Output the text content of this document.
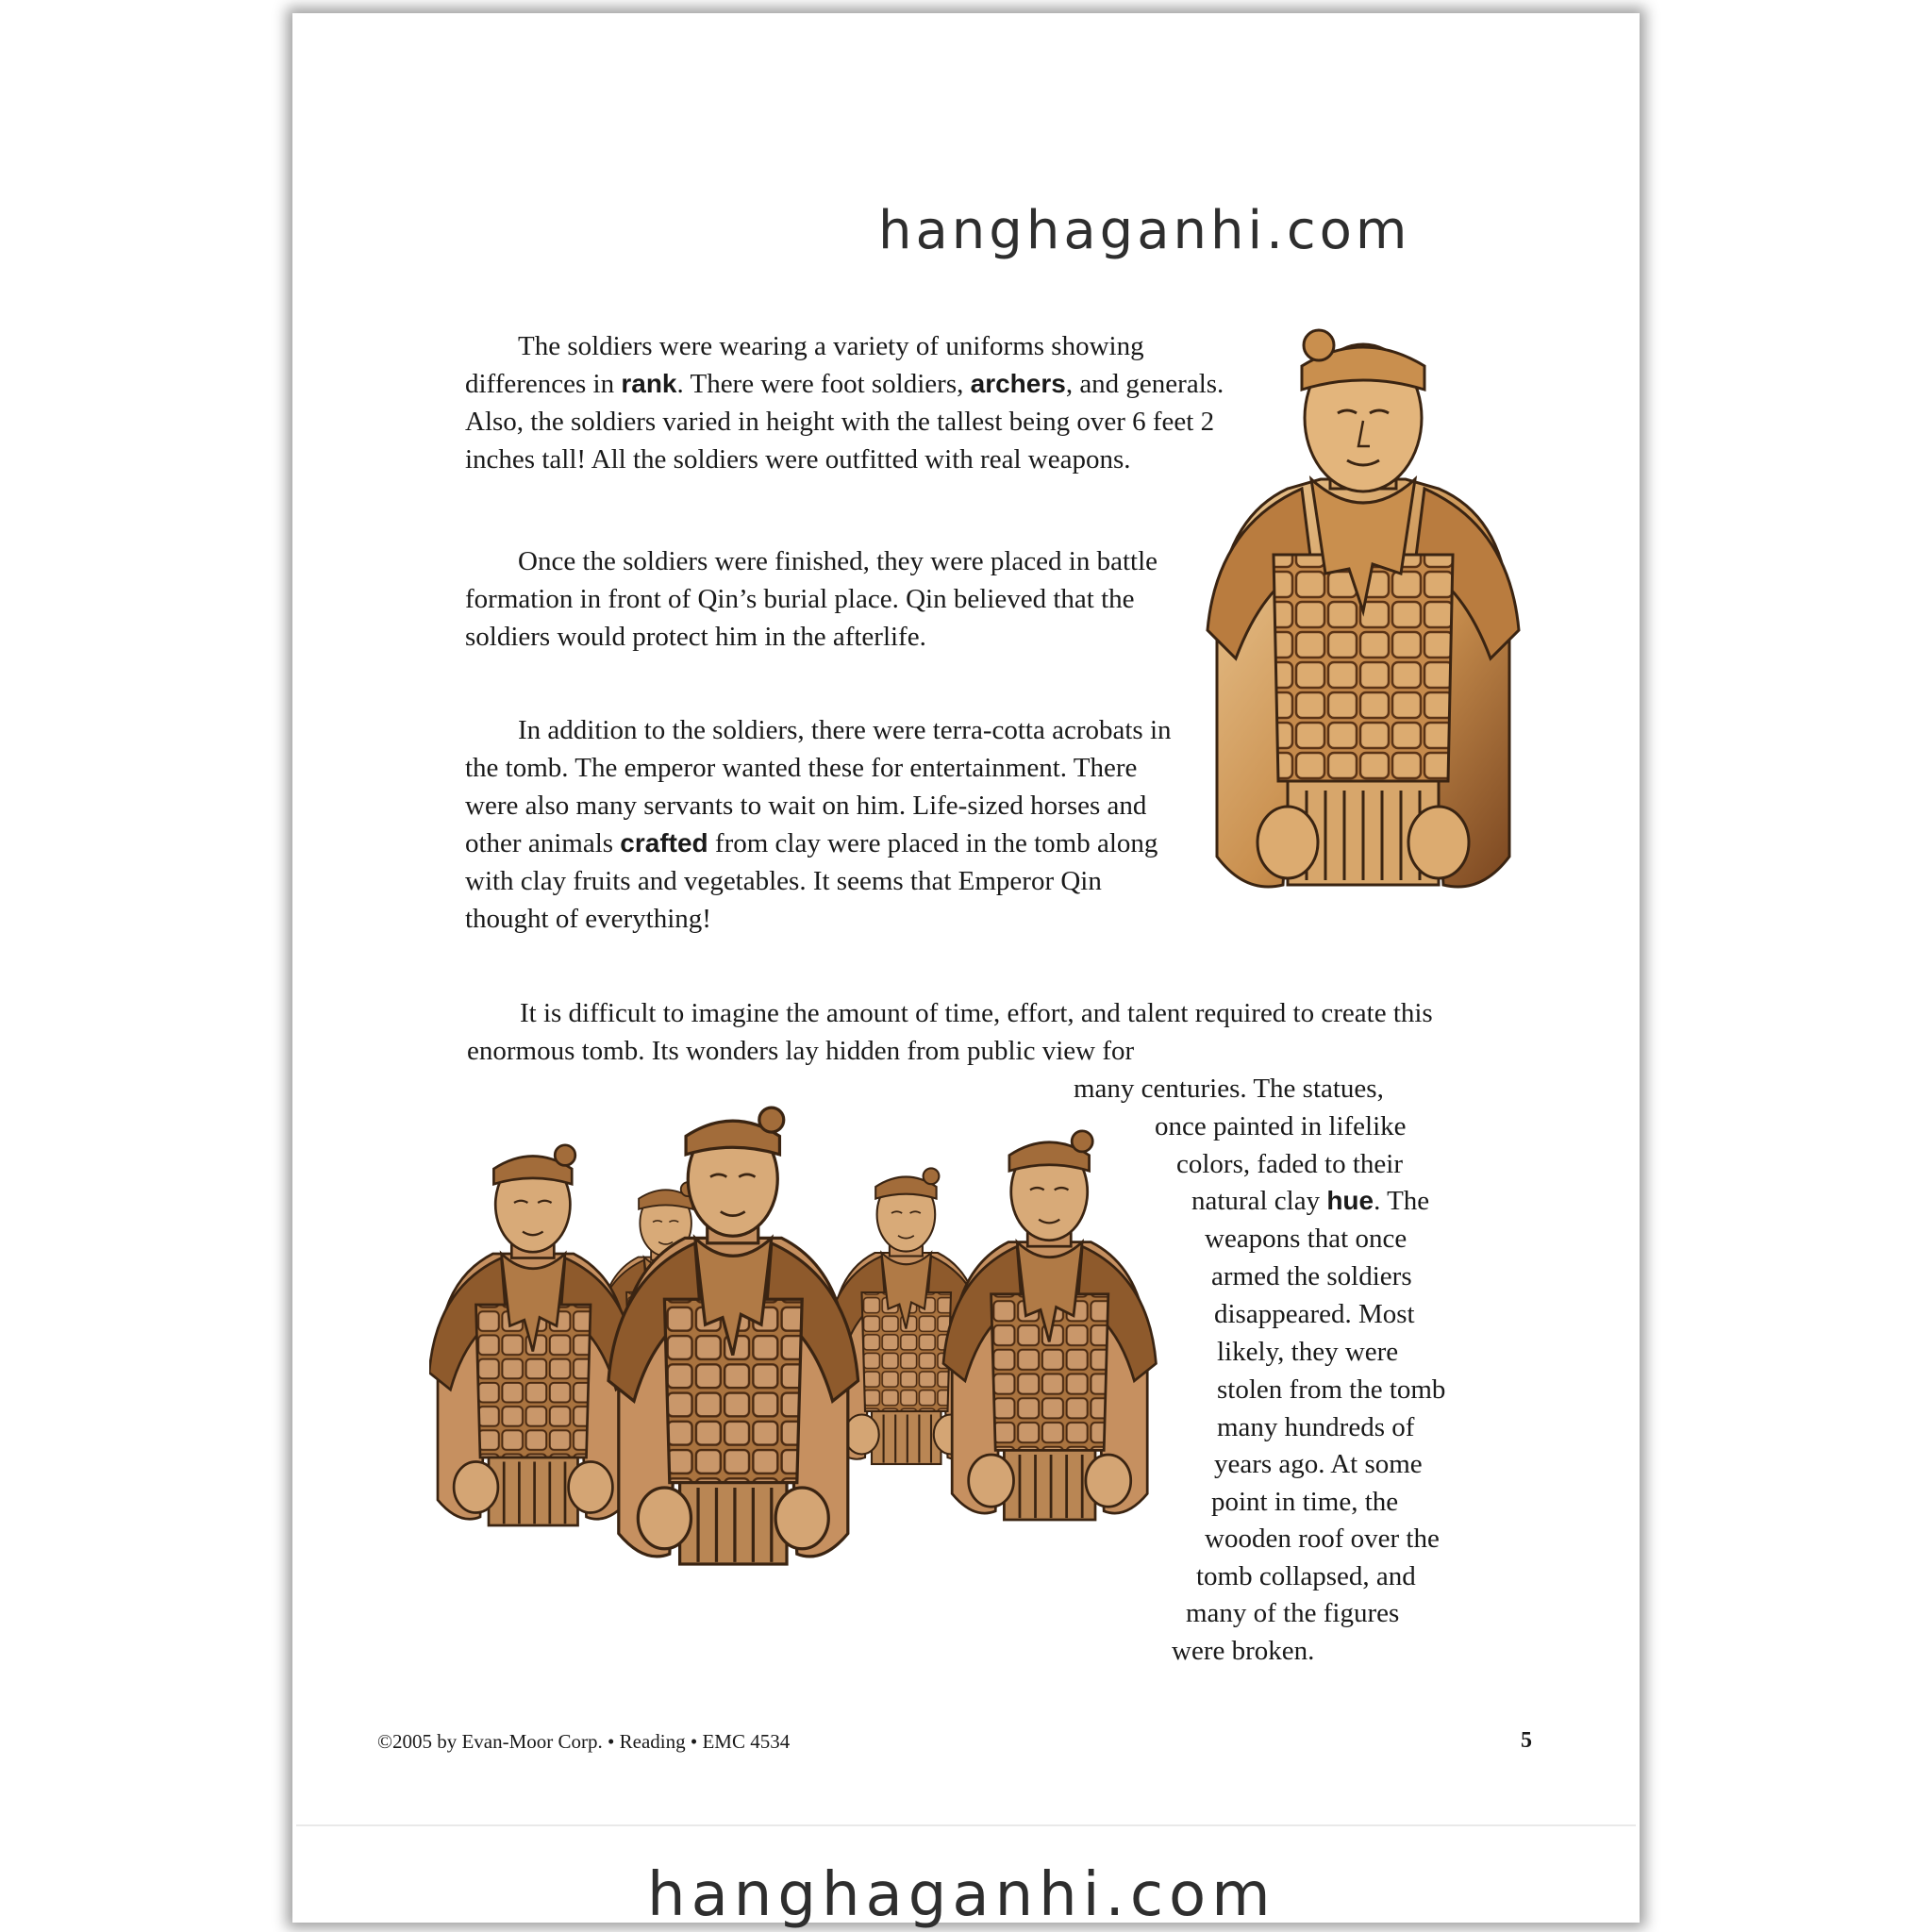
hanghaganhi.com

The soldiers were wearing a variety of uniforms showing differences in rank. There were foot soldiers, archers, and generals. Also, the soldiers varied in height with the tallest being over 6 feet 2 inches tall! All the soldiers were outfitted with real weapons.

Once the soldiers were finished, they were placed in battle formation in front of Qin’s burial place. Qin believed that the soldiers would protect him in the afterlife.

In addition to the soldiers, there were terra-cotta acrobats in the tomb. The emperor wanted these for entertainment. There were also many servants to wait on him. Life-sized horses and other animals crafted from clay were placed in the tomb along with clay fruits and vegetables. It seems that Emperor Qin thought of everything!

It is difficult to imagine the amount of time, effort, and talent required to create this enormous tomb. Its wonders lay hidden from public view for

many centuries. The statues,

once painted in lifelike

colors, faded to their

natural clay hue. The

weapons that once

armed the soldiers

disappeared. Most

likely, they were

stolen from the tomb

many hundreds of

years ago. At some

point in time, the

wooden roof over the

tomb collapsed, and

many of the figures

were broken.

©2005 by Evan-Moor Corp. • Reading • EMC 4534	5
hanghaganhi.com
